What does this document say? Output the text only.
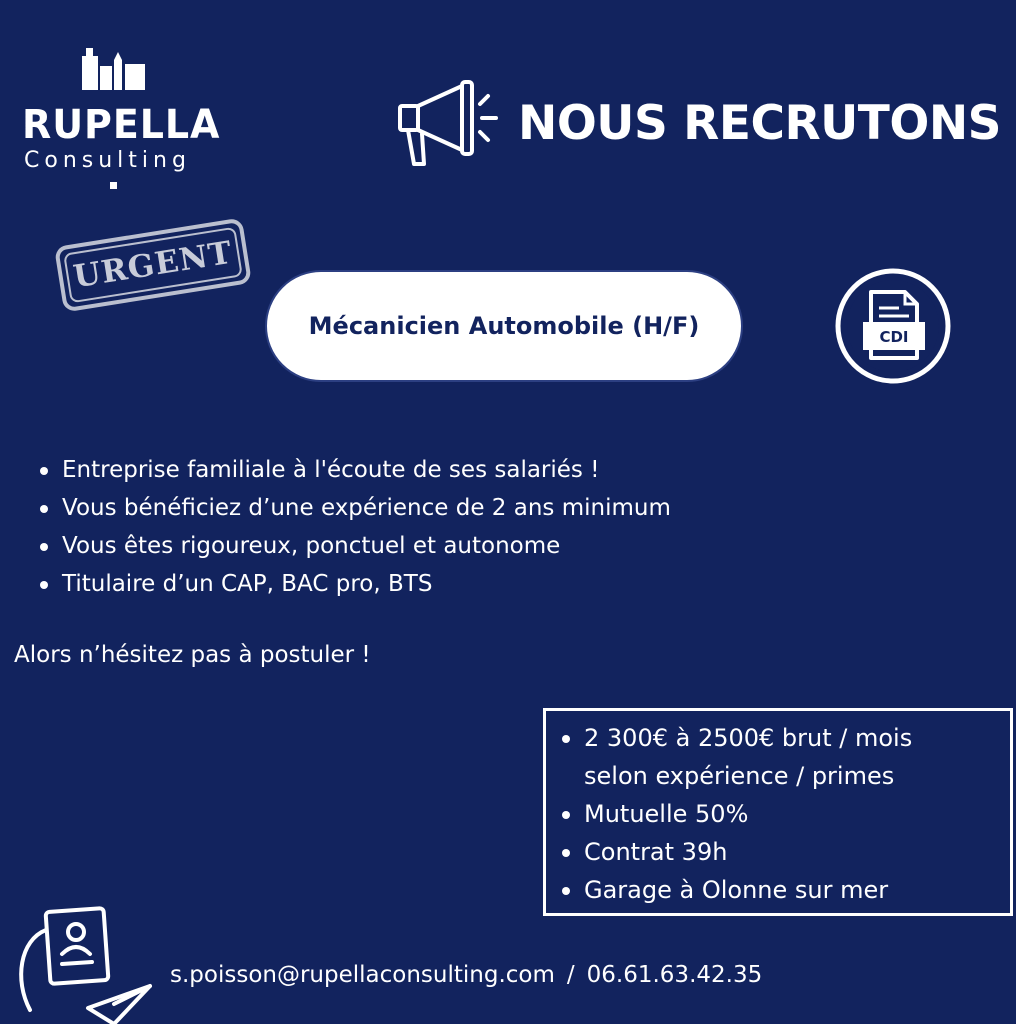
RUPELLA
Consulting
NOUS RECRUTONS
URGENT
Mécanicien Automobile (H/F)	CDI
Entreprise familiale à l'écoute de ses salariés !
Vous bénéficiez d’une expérience de 2 ans minimum
Vous êtes rigoureux, ponctuel et autonome
Titulaire d’un CAP, BAC pro, BTS
Alors n’hésitez pas à postuler !
2 300€ à 2500€ brut / mois
selon expérience / primes
Mutuelle 50%
Contrat 39h
Garage à Olonne sur mer
s.poisson@rupellaconsulting.com / 06.61.63.42.35
